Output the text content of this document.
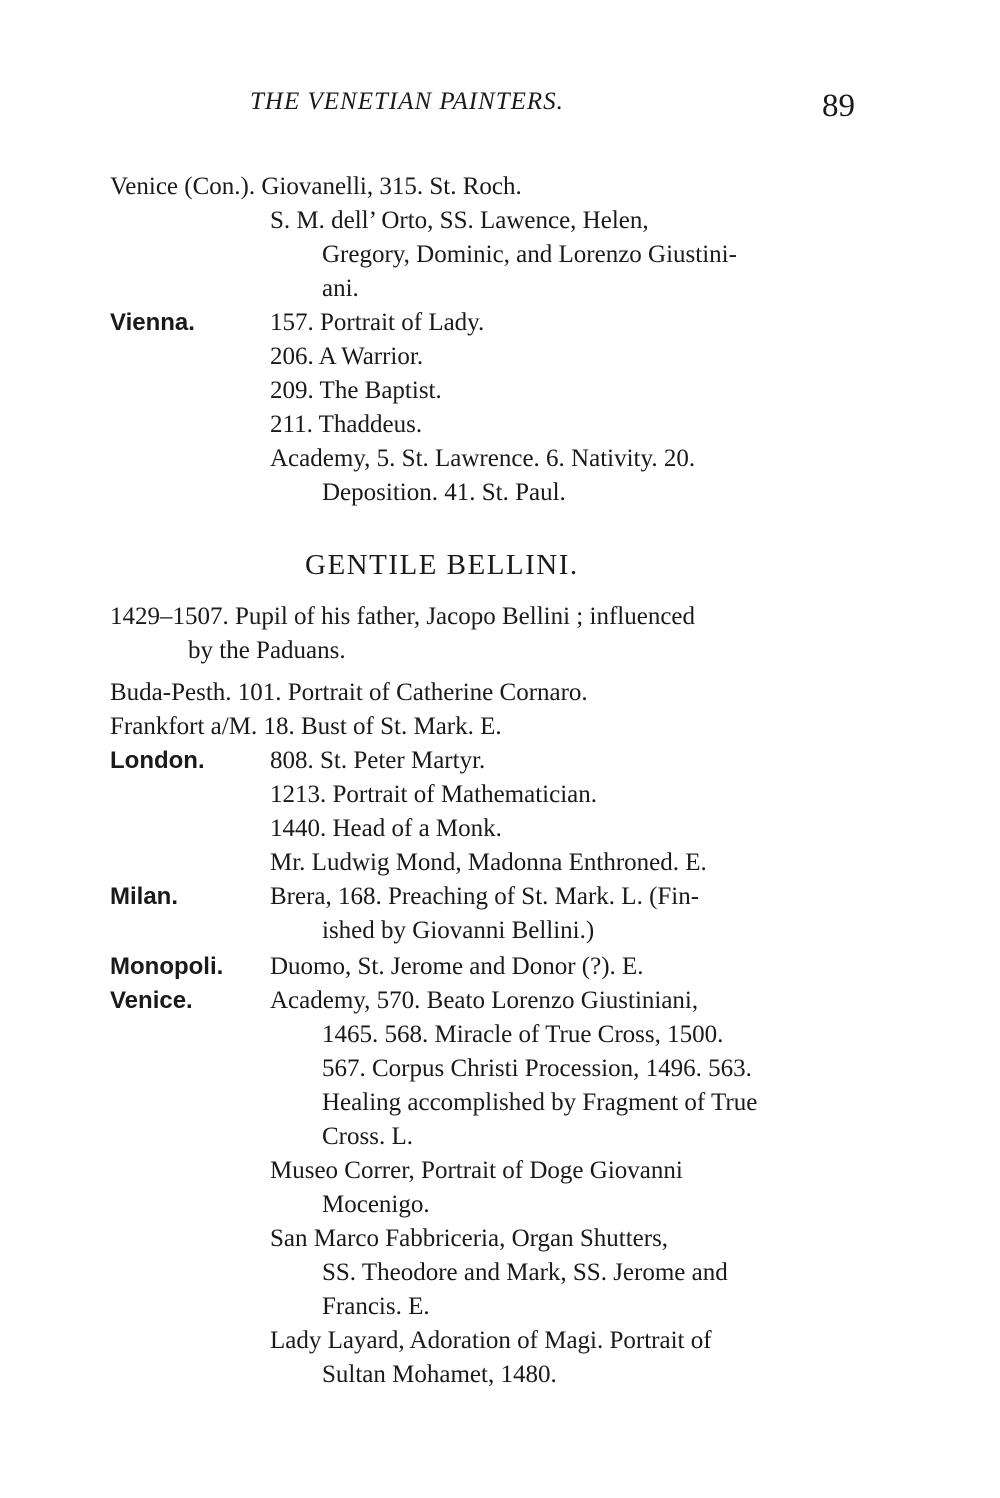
THE VENETIAN PAINTERS.	89
Venice (Con.). Giovanelli, 315. St. Roch.
S. M. dell’ Orto, SS. Lawence, Helen,
Gregory, Dominic, and Lorenzo Giustini-
ani.
Vienna.	157. Portrait of Lady.
206. A Warrior.
209. The Baptist.
211. Thaddeus.
Academy, 5. St. Lawrence. 6. Nativity. 20.
Deposition. 41. St. Paul.
GENTILE BELLINI.
1429–1507. Pupil of his father, Jacopo Bellini ; influenced
by the Paduans.
Buda-Pesth. 101. Portrait of Catherine Cornaro.
Frankfort a/M. 18. Bust of St. Mark. E.
London.	808. St. Peter Martyr.
1213. Portrait of Mathematician.
1440. Head of a Monk.
Mr. Ludwig Mond, Madonna Enthroned. E.
Milan.	Brera, 168. Preaching of St. Mark. L. (Fin-
ished by Giovanni Bellini.)
Monopoli. Duomo, St. Jerome and Donor (?). E.
Venice.	Academy, 570. Beato Lorenzo Giustiniani,
1465. 568. Miracle of True Cross, 1500.
567. Corpus Christi Procession, 1496. 563.
Healing accomplished by Fragment of True
Cross. L.
Museo Correr, Portrait of Doge Giovanni
Mocenigo.
San Marco Fabbriceria, Organ Shutters,
SS. Theodore and Mark, SS. Jerome and
Francis. E.
Lady Layard, Adoration of Magi. Portrait of
Sultan Mohamet, 1480.
